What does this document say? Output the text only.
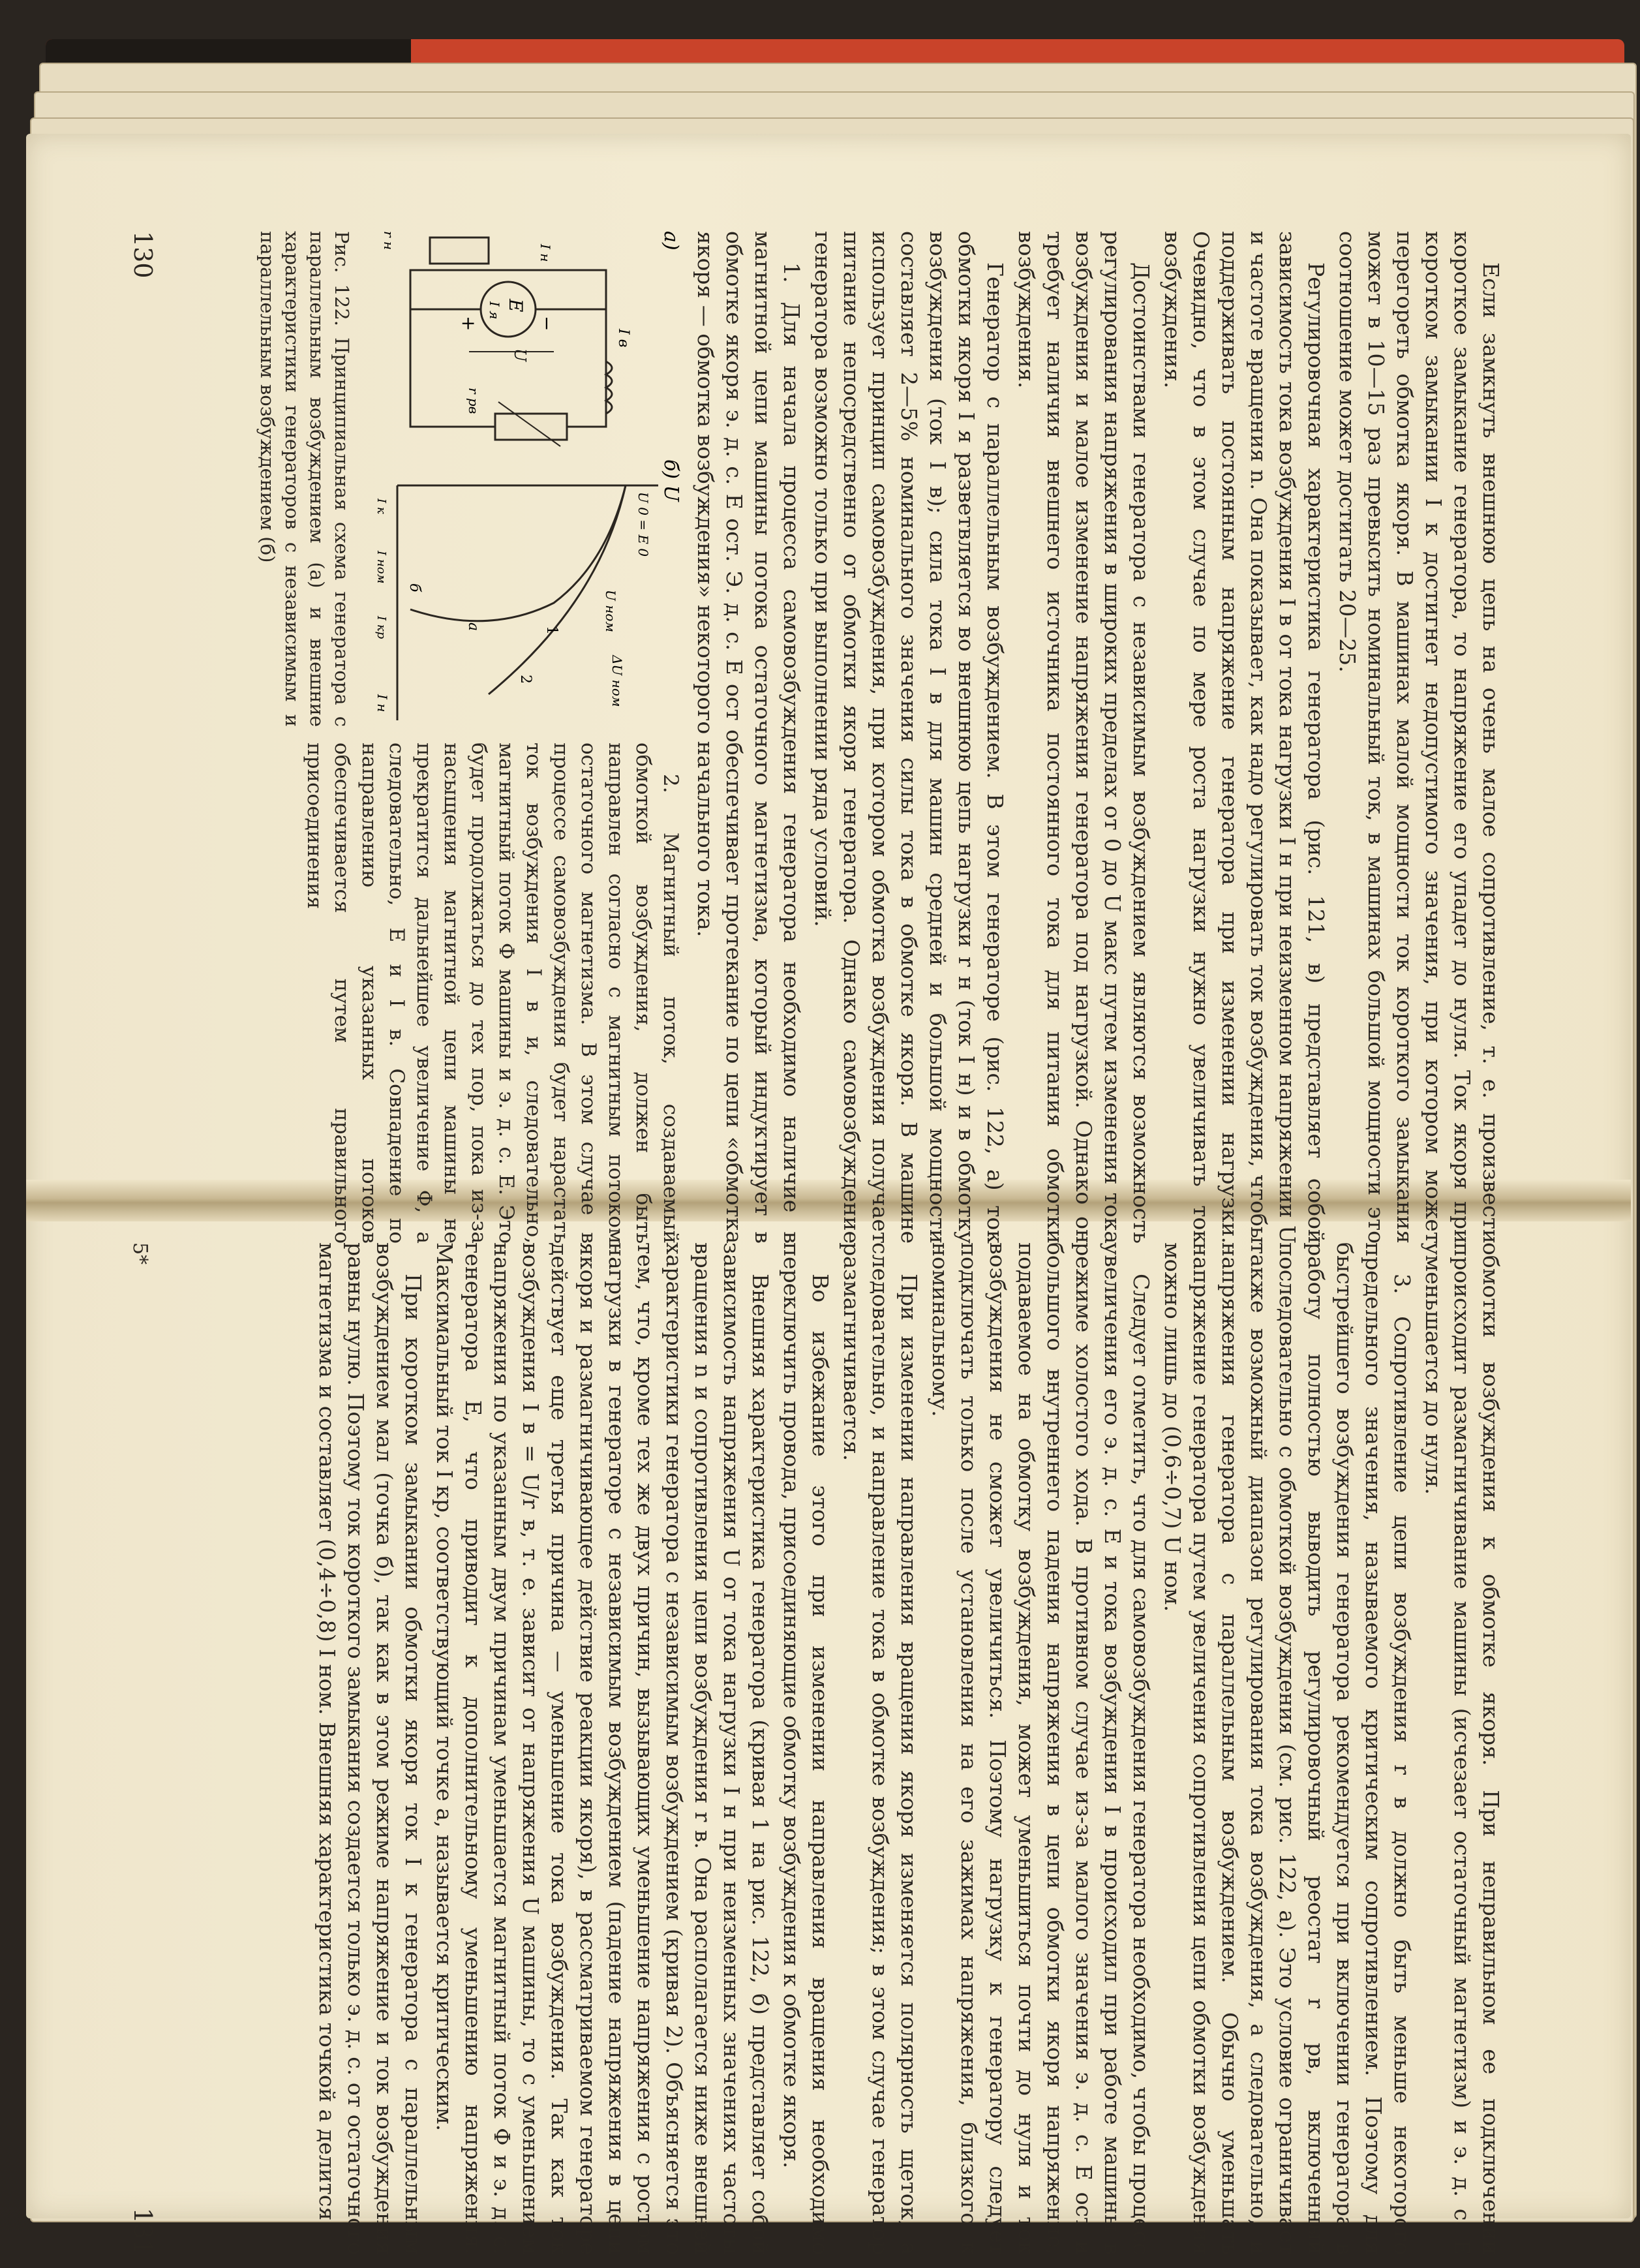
Если замкнуть внешнюю цепь на очень малое сопротивление, т. е. произвести короткое замыкание генератора, то напряжение его упадет до нуля. Ток якоря при коротком замыкании I к достигнет недопустимого значения, при котором может перегореть обмотка якоря. В машинах малой мощности ток короткого замыкания может в 10—15 раз превысить номинальный ток, в машинах большой мощности это соотношение может достигать 20—25.

Регулировочная характеристика генератора (рис. 121, в) представляет собой зависимость тока возбуждения I в от тока нагрузки I н при неизменном напряжении U и частоте вращения n. Она показывает, как надо регулировать ток возбуждения, чтобы поддерживать постоянным напряжение генератора при изменении нагрузки. Очевидно, что в этом случае по мере роста нагрузки нужно увеличивать ток возбуждения.

Достоинствами генератора с независимым возбуждением являются возможность регулирования напряжения в широких пределах от 0 до U макс путем изменения тока возбуждения и малое изменение напряжения генератора под нагрузкой. Однако он требует наличия внешнего источника постоянного тока для питания обмотки возбуждения.

Генератор с параллельным возбуждением. В этом генераторе (рис. 122, а) ток обмотки якоря I я разветвляется во внешнюю цепь нагрузки r н (ток I н) и в обмотку возбуждения (ток I в); сила тока I в для машин средней и большой мощности составляет 2—5% номинального значения силы тока в обмотке якоря. В машине использует принцип самовозбуждения, при котором обмотка возбуждения получает питание непосредственно от обмотки якоря генератора. Однако самовозбуждение генератора возможно только при выполнении ряда условий.

1. Для начала процесса самовозбуждения генератора необходимо наличие в магнитной цепи машины потока остаточного магнетизма, который индуктирует в обмотке якоря э. д. с. E ост. Э. д. с. E ост обеспечивает протекание по цепи «обмотка якоря — обмотка возбуждения» некоторого начального тока.

а)
E
I я
−
+
I в
r рв
r н
U
I н
б) U
U 0 = E 0
1
2
а
б
U ном
ΔU ном
I к
I ном
I кр
I н

Рис. 122. Принципиальная схема генератора с параллельным возбуждением (а) и внешние характеристики генераторов с независимым и параллельным возбуждением (б)

2. Магнитный поток, создаваемый обмоткой возбуждения, должен быть направлен согласно с магнитным потоком остаточного магнетизма. В этом случае в процессе самовозбуждения будет нарастать ток возбуждения I в и, следовательно, магнитный поток Ф машины и э. д. с. E. Это будет продолжаться до тех пор, пока из-за насыщения магнитной цепи машины не прекратится дальнейшее увеличение Ф, а следовательно, E и I в. Совпадение по направлению указанных потоков обеспечивается путем правильного присоединения

130

обмотки возбуждения к обмотке якоря. При неправильном ее подключении происходит размагничивание машины (исчезает остаточный магнетизм) и э. д. с. E уменьшается до нуля.

3. Сопротивление цепи возбуждения r в должно быть меньше некоторого предельного значения, называемого критическим сопротивлением. Поэтому для быстрейшего возбуждения генератора рекомендуется при включении генератора в работу полностью выводить регулировочный реостат r рв, включенный последовательно с обмоткой возбуждения (см. рис. 122, а). Это условие ограничивает также возможный диапазон регулирования тока возбуждения, а следовательно, и напряжения генератора с параллельным возбуждением. Обычно уменьшать напряжение генератора путем увеличения сопротивления цепи обмотки возбуждения можно лишь до (0,6÷0,7) U ном.

Следует отметить, что для самовозбуждения генератора необходимо, чтобы процесс увеличения его э. д. с. E и тока возбуждения I в происходил при работе машины в режиме холостого хода. В противном случае из-за малого значения э. д. с. E ост и большого внутреннего падения напряжения в цепи обмотки якоря напряжение, подаваемое на обмотку возбуждения, может уменьшиться почти до нуля и ток возбуждения не сможет увеличиться. Поэтому нагрузку к генератору следует подключать только после установления на его зажимах напряжения, близкого к номинальному.

При изменении направления вращения якоря изменяется полярность щеток, а следовательно, и направление тока в обмотке возбуждения; в этом случае генератор размагничивается.

Во избежание этого при изменении направления вращения необходимо переключить провода, присоединяющие обмотку возбуждения к обмотке якоря.

Внешняя характеристика генератора (кривая 1 на рис. 122, б) представляет собой зависимость напряжения U от тока нагрузки I н при неизменных значениях частоты вращения n и сопротивления цепи возбуждения r в. Она располагается ниже внешней характеристики генератора с независимым возбуждением (кривая 2). Объясняется это тем, что, кроме тех же двух причин, вызывающих уменьшение напряжения с ростом нагрузки в генераторе с независимым возбуждением (падение напряжения в цепи якоря и размагничивающее действие реакции якоря), в рассматриваемом генераторе действует еще третья причина — уменьшение тока возбуждения. Так как ток возбуждения I в = U/r в, т. е. зависит от напряжения U машины, то с уменьшением напряжения по указанным двум причинам уменьшается магнитный поток Ф и э. д. с. генератора E, что приводит к дополнительному уменьшению напряжения. Максимальный ток I кр, соответствующий точке а, называется критическим.

При коротком замыкании обмотки якоря ток I к генератора с параллельным возбуждением мал (точка б), так как в этом режиме напряжение и ток возбуждения равны нулю. Поэтому ток короткого замыкания создается только э. д. с. от остаточного магнетизма и составляет (0,4÷0,8) I ном. Внешняя характеристика точкой а делится

5*
131
